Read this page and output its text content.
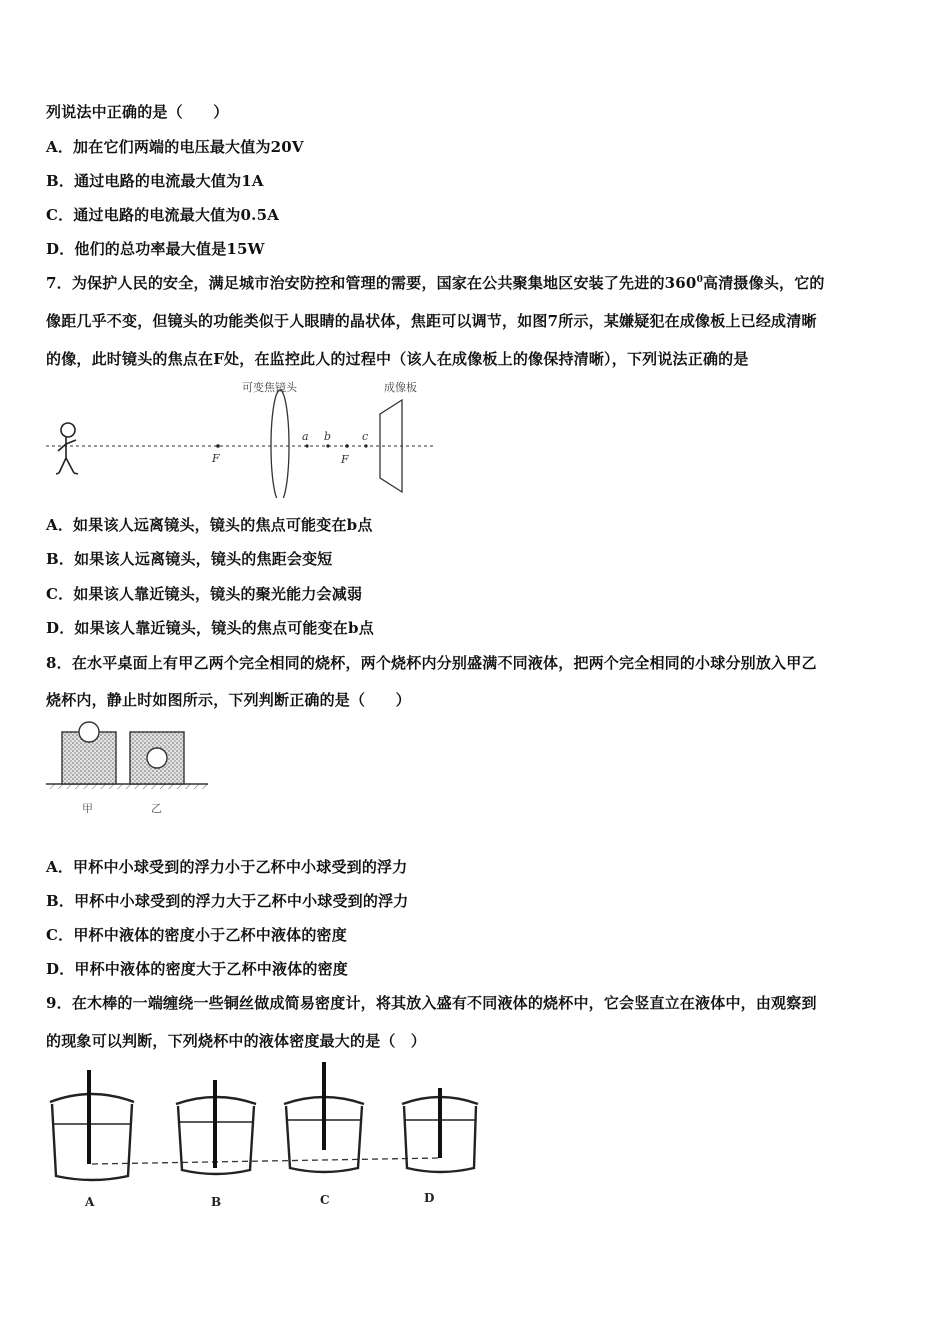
列说法中正确的是（　　）
A．加在它们两端的电压最大值为20V
B．通过电路的电流最大值为1A
C．通过电路的电流最大值为0.5A
D．他们的总功率最大值是15W
7．为保护人民的安全，满足城市治安防控和管理的需要，国家在公共聚集地区安装了先进的$360^0$高清摄像头，它的
像距几乎不变，但镜头的功能类似于人眼睛的晶状体，焦距可以调节，如图7所示，某嫌疑犯在成像板上已经成清晰
的像，此时镜头的焦点在F处，在监控此人的过程中（该人在成像板上的像保持清晰），下列说法正确的是
F
可变焦镜头
a b
F
c
成像板
A．如果该人远离镜头，镜头的焦点可能变在b点
B．如果该人远离镜头，镜头的焦距会变短
C．如果该人靠近镜头，镜头的聚光能力会减弱
D．如果该人靠近镜头，镜头的焦点可能变在b点
8．在水平桌面上有甲乙两个完全相同的烧杯，两个烧杯内分别盛满不同液体，把两个完全相同的小球分别放入甲乙
烧杯内，静止时如图所示，下列判断正确的是（　　）
甲	乙
A．甲杯中小球受到的浮力小于乙杯中小球受到的浮力
B．甲杯中小球受到的浮力大于乙杯中小球受到的浮力
C．甲杯中液体的密度小于乙杯中液体的密度
D．甲杯中液体的密度大于乙杯中液体的密度
9．在木棒的一端缠绕一些铜丝做成简易密度计，将其放入盛有不同液体的烧杯中，它会竖直立在液体中，由观察到
的现象可以判断，下列烧杯中的液体密度最大的是（　）
A	B	C	D
